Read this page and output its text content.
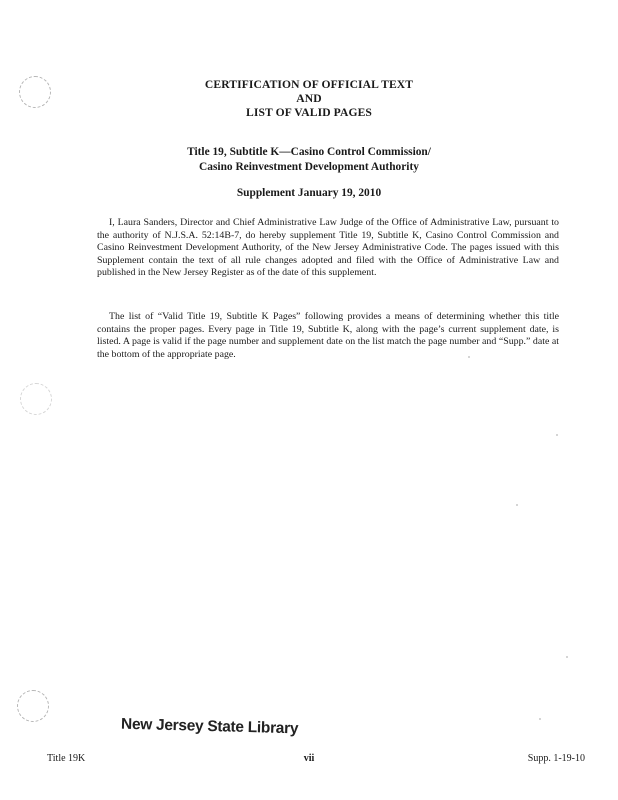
CERTIFICATION OF OFFICIAL TEXT
AND
LIST OF VALID PAGES
Title 19, Subtitle K—Casino Control Commission/
Casino Reinvestment Development Authority
Supplement January 19, 2010

I, Laura Sanders, Director and Chief Administrative Law Judge of the Office of Administrative Law, pursuant to the authority of N.J.S.A. 52:14B-7, do hereby supplement Title 19, Subtitle K, Casino Control Commission and Casino Reinvestment Development Authority, of the New Jersey Administrative Code. The pages issued with this Supplement contain the text of all rule changes adopted and filed with the Office of Administrative Law and published in the New Jersey Register as of the date of this supplement.

The list of “Valid Title 19, Subtitle K Pages” following provides a means of determining whether this title contains the proper pages. Every page in Title 19, Subtitle K, along with the page’s current supplement date, is listed. A page is valid if the page number and supplement date on the list match the page number and “Supp.” date at the bottom of the appropriate page.

New Jersey State Library
Title 19K	vii	Supp. 1-19-10
